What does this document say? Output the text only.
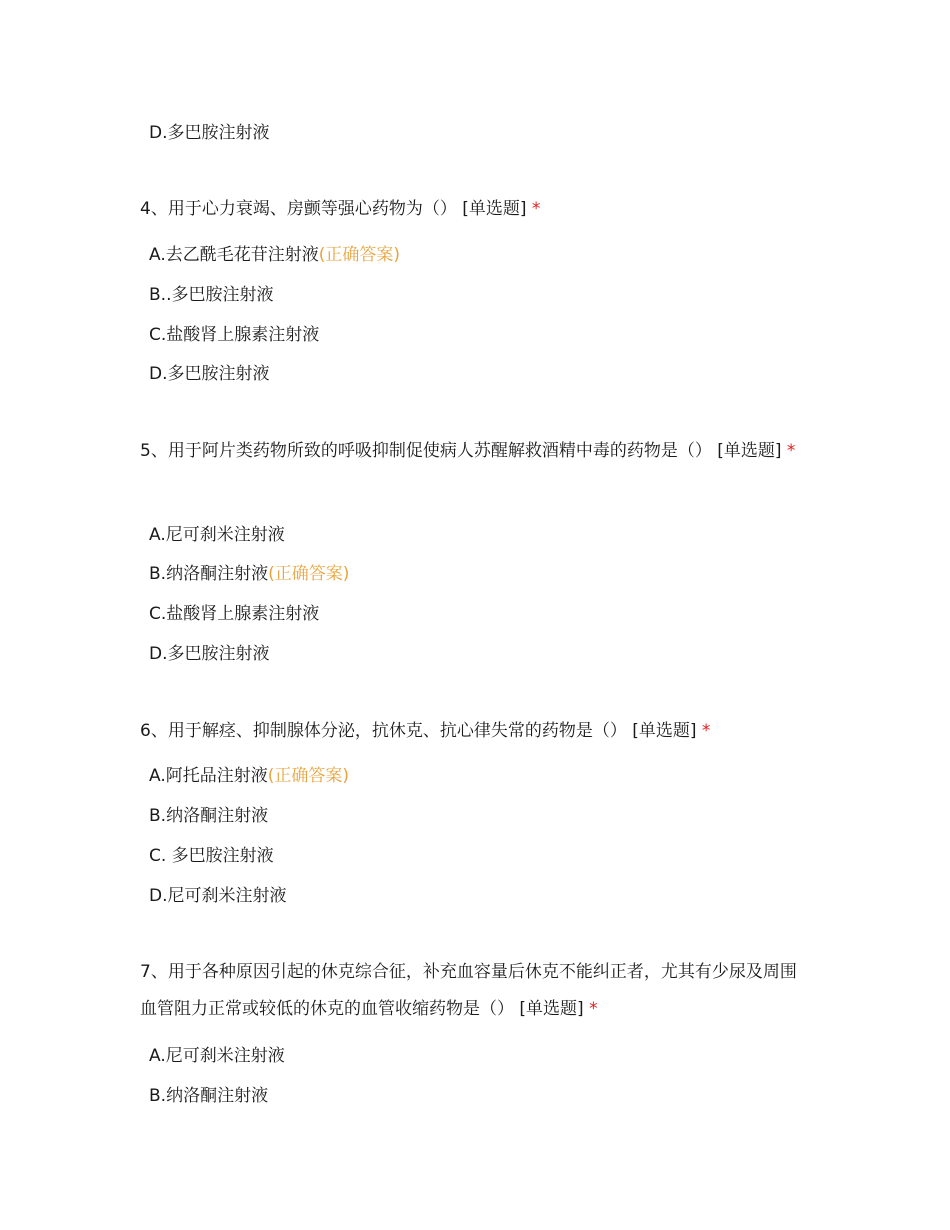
D.多巴胺注射液
4、用于心力衰竭、房颤等强心药物为（） [单选题] *
A.去乙酰毛花苷注射液(正确答案)
B..多巴胺注射液
C.盐酸肾上腺素注射液
D.多巴胺注射液
5、用于阿片类药物所致的呼吸抑制促使病人苏醒解救酒精中毒的药物是（） [单选题] *
A.尼可刹米注射液
B.纳洛酮注射液(正确答案)
C.盐酸肾上腺素注射液
D.多巴胺注射液
6、用于解痉、抑制腺体分泌，抗休克、抗心律失常的药物是（） [单选题] *
A.阿托品注射液(正确答案)
B.纳洛酮注射液
C. 多巴胺注射液
D.尼可刹米注射液
7、用于各种原因引起的休克综合征，补充血容量后休克不能纠正者，尤其有少尿及周围血管阻力正常或较低的休克的血管收缩药物是（） [单选题] *
A.尼可刹米注射液
B.纳洛酮注射液
